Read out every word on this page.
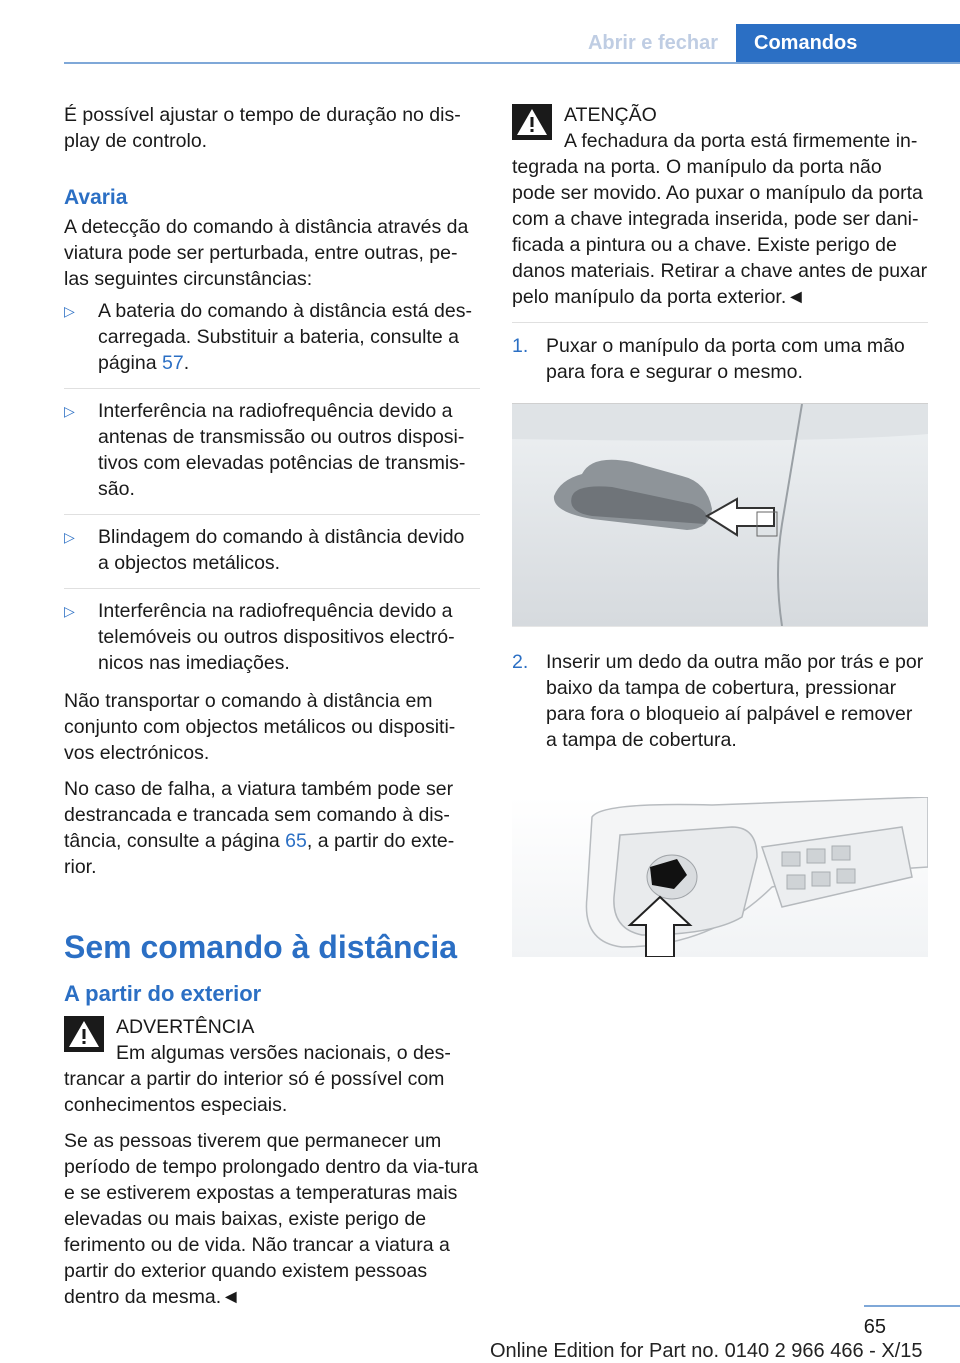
Abrir e fechar	Comandos

É possível ajustar o tempo de duração no dis-play de controlo.

Avaria

A detecção do comando à distância através da viatura pode ser perturbada, entre outras, pe-las seguintes circunstâncias:

▷ A bateria do comando à distância está des-carregada. Substituir a bateria, consulte a página 57.
▷ Interferência na radiofrequência devido a antenas de transmissão ou outros disposi-tivos com elevadas potências de transmis-são.
▷ Blindagem do comando à distância devido a objectos metálicos.
▷ Interferência na radiofrequência devido a telemóveis ou outros dispositivos electró-nicos nas imediações.

Não transportar o comando à distância em conjunto com objectos metálicos ou dispositi-vos electrónicos.

No caso de falha, a viatura também pode ser destrancada e trancada sem comando à dis-tância, consulte a página 65, a partir do exte-rior.

Sem comando à distância
A partir do exterior
ADVERTÊNCIA

Em algumas versões nacionais, o des-trancar a partir do interior só é possível com conhecimentos especiais.

Se as pessoas tiverem que permanecer um período de tempo prolongado dentro da via-tura e se estiverem expostas a temperaturas mais elevadas ou mais baixas, existe perigo de ferimento ou de vida. Não trancar a viatura a partir do exterior quando existem pessoas dentro da mesma.◄

ATENÇÃO

A fechadura da porta está firmemente in-tegrada na porta. O manípulo da porta não pode ser movido. Ao puxar o manípulo da porta com a chave integrada inserida, pode ser dani-ficada a pintura ou a chave. Existe perigo de danos materiais. Retirar a chave antes de puxar pelo manípulo da porta exterior.◄

1. Puxar o manípulo da porta com uma mão para fora e segurar o mesmo.
2. Inserir um dedo da outra mão por trás e por baixo da tampa de cobertura, pressionar para fora o bloqueio aí palpável e remover a tampa de cobertura.
65
Online Edition for Part no. 0140 2 966 466 - X/15
